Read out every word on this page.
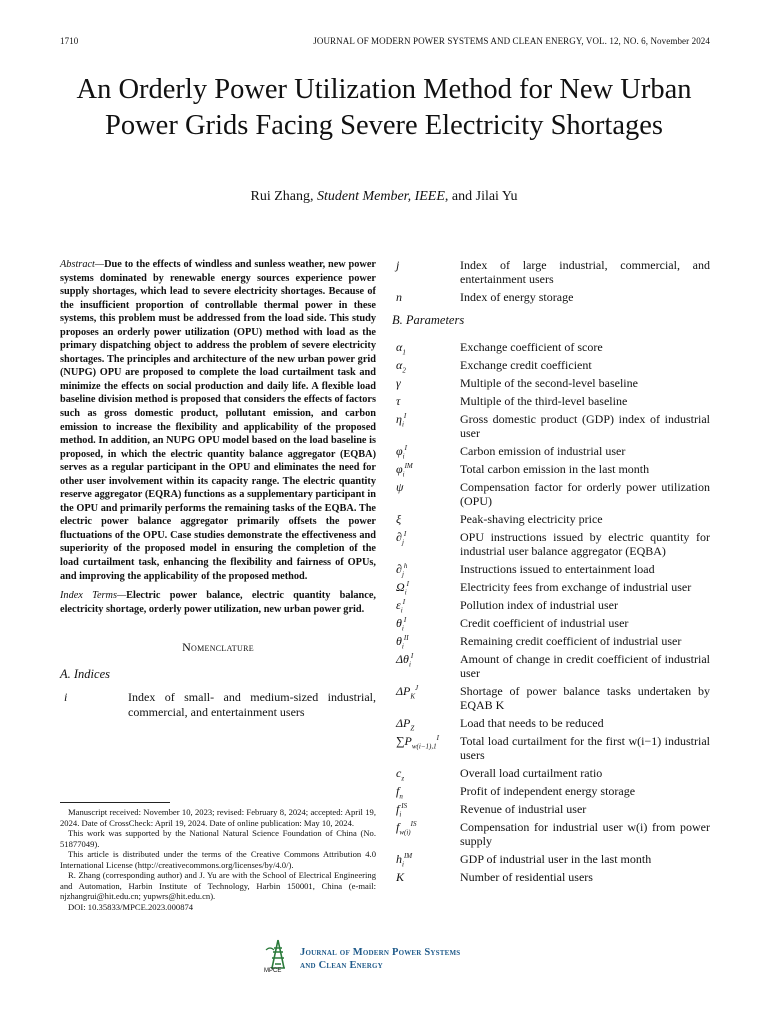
1710	JOURNAL OF MODERN POWER SYSTEMS AND CLEAN ENERGY, VOL. 12, NO. 6, November 2024
An Orderly Power Utilization Method for New Urban Power Grids Facing Severe Electricity Shortages
Rui Zhang, Student Member, IEEE, and Jilai Yu

Abstract—Due to the effects of windless and sunless weather, new power systems dominated by renewable energy sources experience power supply shortages, which lead to severe electricity shortages. Because of the insufficient proportion of controllable thermal power in these systems, this problem must be addressed from the load side. This study proposes an orderly power utilization (OPU) method with load as the primary dispatching object to address the problem of severe electricity shortages. The principles and architecture of the new urban power grid (NUPG) OPU are proposed to complete the load curtailment task and minimize the effects on social production and daily life. A flexible load baseline division method is proposed that considers the effects of factors such as gross domestic product, pollutant emission, and carbon emission to increase the flexibility and applicability of the proposed method. In addition, an NUPG OPU model based on the load baseline is proposed, in which the electric quantity balance aggregator (EQBA) serves as a regular participant in the OPU and eliminates the need for other user involvement within its capacity range. The electric quantity reserve aggregator (EQRA) functions as a supplementary participant in the OPU and primarily performs the remaining tasks of the EQBA. The electric power balance aggregator primarily offsets the power fluctuations of the OPU. Case studies demonstrate the effectiveness and superiority of the proposed model in ensuring the completion of the load curtailment task, enhancing the flexibility and fairness of OPUs, and improving the applicability of the proposed method.

Index Terms—Electric power balance, electric quantity balance, electricity shortage, orderly power utilization, new urban power grid.

Nomenclature
A. Indices
i	Index of small- and medium-sized industrial, commercial, and entertainment users

Manuscript received: November 10, 2023; revised: February 8, 2024; accepted: April 19, 2024. Date of CrossCheck: April 19, 2024. Date of online publication: May 10, 2024.

This work was supported by the National Natural Science Foundation of China (No. 51877049).

This article is distributed under the terms of the Creative Commons Attribution 4.0 International License (http://creativecommons.org/licenses/by/4.0/).

R. Zhang (corresponding author) and J. Yu are with the School of Electrical Engineering and Automation, Harbin Institute of Technology, Harbin 150001, China (e-mail: njzhangrui@hit.edu.cn; yupwrs@hit.edu.cn).

DOI: 10.35833/MPCE.2023.000874

j	Index of large industrial, commercial, and entertainment users
n	Index of energy storage
B. Parameters
$\alpha_1$	Exchange coefficient of score
$\alpha_2$	Exchange credit coefficient
γ	Multiple of the second-level baseline
τ	Multiple of the third-level baseline
$\eta_i^I$	Gross domestic product (GDP) index of industrial user
$\varphi_i^I$	Carbon emission of industrial user
$\varphi_i^{IM}$	Total carbon emission in the last month
ψ	Compensation factor for orderly power utilization (OPU)
ξ	Peak-shaving electricity price
$\partial_j^I$	OPU instructions issued by electric quantity for industrial user balance aggregator (EQBA)
$\partial_j^h$	Instructions issued to entertainment load
$\Omega_i^I$	Electricity fees from exchange of industrial user
$\varepsilon_i^I$	Pollution index of industrial user
$\theta_i^I$	Credit coefficient of industrial user
$\theta_i^{II}$	Remaining credit coefficient of industrial user
$\Delta\theta_i^I$	Amount of change in credit coefficient of industrial user
$\Delta P_K^J$	Shortage of power balance tasks undertaken by EQAB K
$\Delta P_Z$	Load that needs to be reduced
$\sum P_{w(i-1),1}^I$	Total load curtailment for the first w(i−1) industrial users
$c_z$	Overall load curtailment ratio
$f_n$	Profit of independent energy storage
$f_i^{IS}$	Revenue of industrial user
$f_{w(i)}^{IS}$	Compensation for industrial user w(i) from power supply
$h_i^{IM}$	GDP of industrial user in the last month
K	Number of residential users
MPCE
Journal of Modern Power Systems
and Clean Energy
